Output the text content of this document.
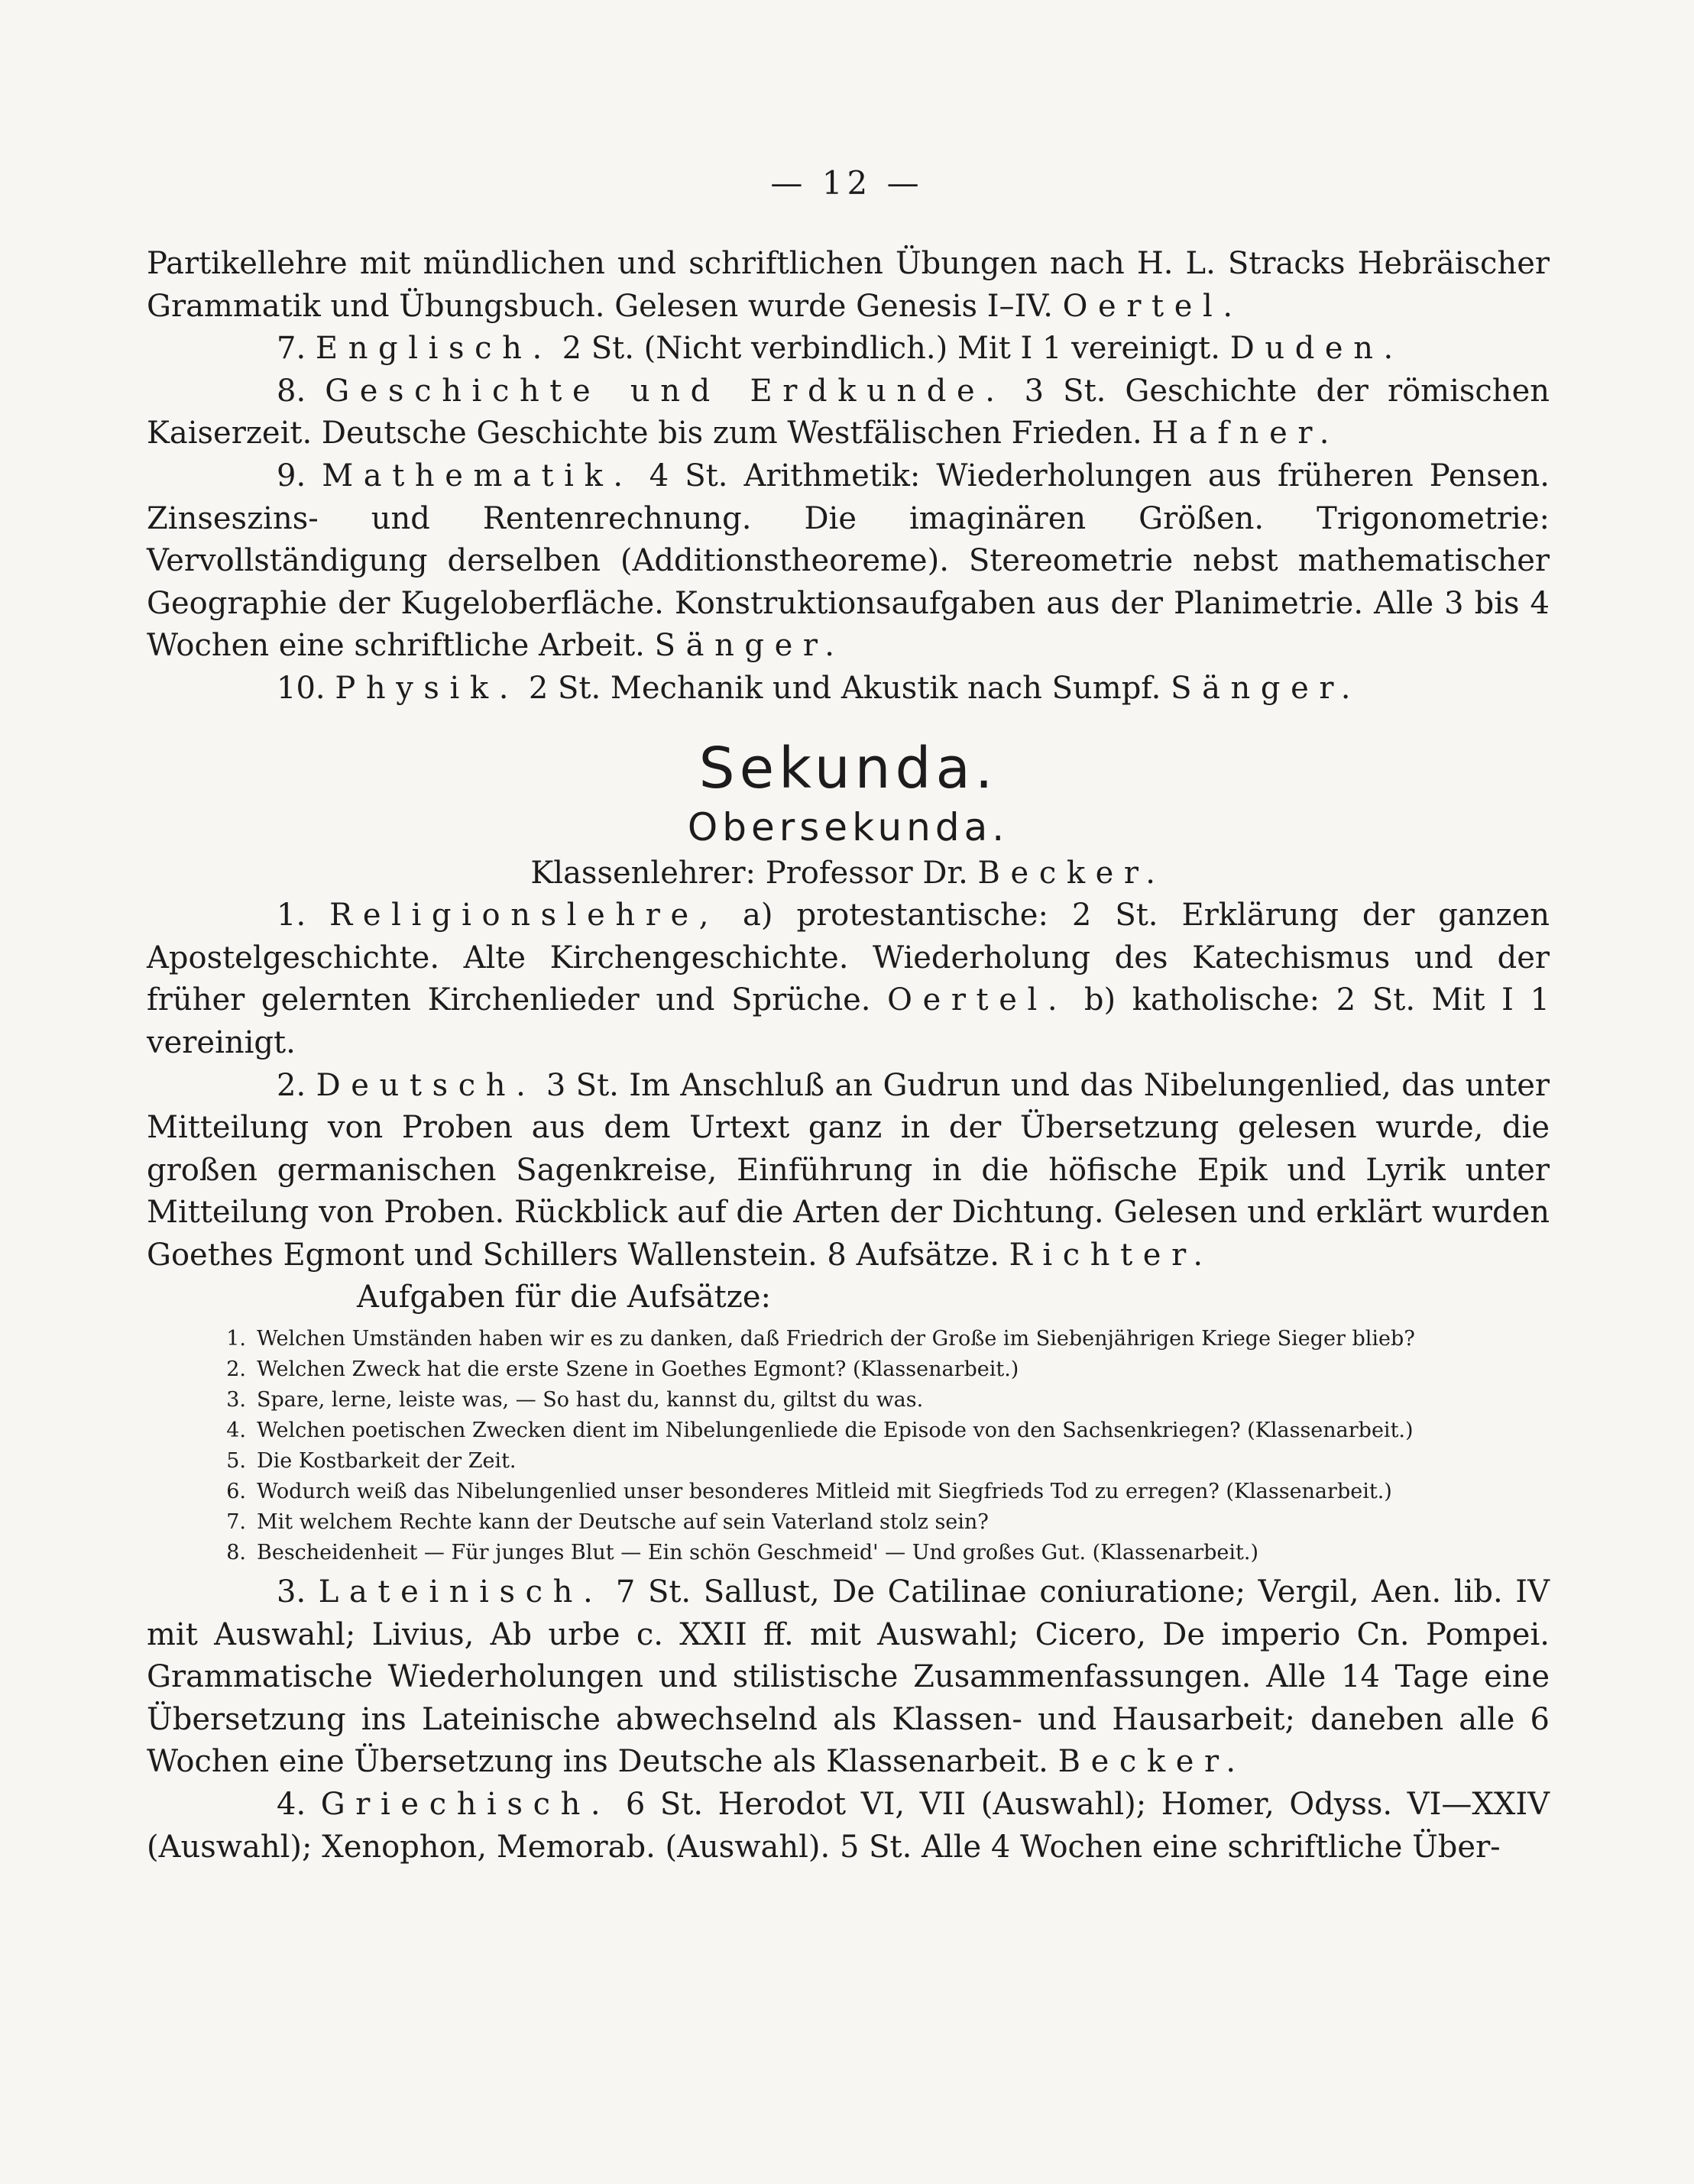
— 12 —

Partikellehre mit mündlichen und schriftlichen Übungen nach H. L. Stracks Hebräischer Grammatik und Übungsbuch. Gelesen wurde Genesis I–IV. Oertel.

7. Englisch. 2 St. (Nicht verbindlich.) Mit I 1 vereinigt. Duden.

8. Geschichte und Erdkunde. 3 St. Geschichte der römischen Kaiserzeit. Deutsche Geschichte bis zum Westfälischen Frieden. Hafner.

9. Mathematik. 4 St. Arithmetik: Wiederholungen aus früheren Pensen. Zinseszins- und Rentenrechnung. Die imaginären Größen. Trigonometrie: Vervollständigung derselben (Additionstheoreme). Stereometrie nebst mathematischer Geographie der Kugeloberfläche. Konstruktionsaufgaben aus der Planimetrie. Alle 3 bis 4 Wochen eine schriftliche Arbeit. Sänger.

10. Physik. 2 St. Mechanik und Akustik nach Sumpf. Sänger.

Sekunda.
Obersekunda.

Klassenlehrer: Professor Dr. Becker.

1. Religionslehre, a) protestantische: 2 St. Erklärung der ganzen Apostelgeschichte. Alte Kirchengeschichte. Wiederholung des Katechismus und der früher gelernten Kirchenlieder und Sprüche. Oertel. b) katholische: 2 St. Mit I 1 vereinigt.

2. Deutsch. 3 St. Im Anschluß an Gudrun und das Nibelungenlied, das unter Mitteilung von Proben aus dem Urtext ganz in der Übersetzung gelesen wurde, die großen germanischen Sagenkreise, Einführung in die höfische Epik und Lyrik unter Mitteilung von Proben. Rückblick auf die Arten der Dichtung. Gelesen und erklärt wurden Goethes Egmont und Schillers Wallenstein. 8 Aufsätze. Richter.

Aufgaben für die Aufsätze:

1. Welchen Umständen haben wir es zu danken, daß Friedrich der Große im Siebenjährigen Kriege Sieger blieb?
2. Welchen Zweck hat die erste Szene in Goethes Egmont? (Klassenarbeit.)
3. Spare, lerne, leiste was, — So hast du, kannst du, giltst du was.
4. Welchen poetischen Zwecken dient im Nibelungenliede die Episode von den Sachsenkriegen? (Klassenarbeit.)
5. Die Kostbarkeit der Zeit.
6. Wodurch weiß das Nibelungenlied unser besonderes Mitleid mit Siegfrieds Tod zu erregen? (Klassenarbeit.)
7. Mit welchem Rechte kann der Deutsche auf sein Vaterland stolz sein?
8. Bescheidenheit — Für junges Blut — Ein schön Geschmeid' — Und großes Gut. (Klassenarbeit.)

3. Lateinisch. 7 St. Sallust, De Catilinae coniuratione; Vergil, Aen. lib. IV mit Auswahl; Livius, Ab urbe c. XXII ff. mit Auswahl; Cicero, De imperio Cn. Pompei. Grammatische Wiederholungen und stilistische Zusammenfassungen. Alle 14 Tage eine Übersetzung ins Lateinische abwechselnd als Klassen- und Hausarbeit; daneben alle 6 Wochen eine Übersetzung ins Deutsche als Klassenarbeit. Becker.

4. Griechisch. 6 St. Herodot VI, VII (Auswahl); Homer, Odyss. VI—XXIV (Auswahl); Xenophon, Memorab. (Auswahl). 5 St. Alle 4 Wochen eine schriftliche Über-
